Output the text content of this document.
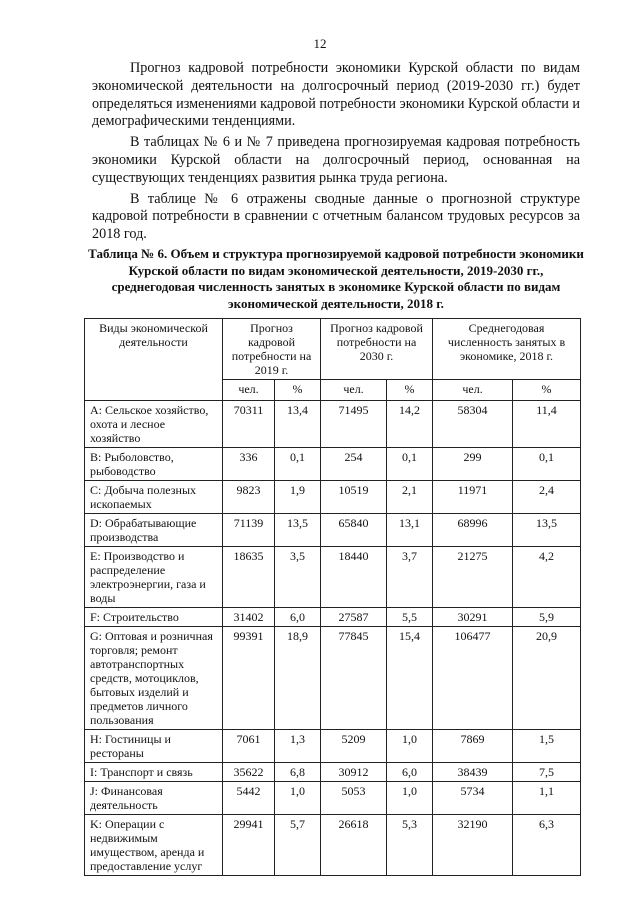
12

Прогноз кадровой потребности экономики Курской области по видам экономической деятельности на долгосрочный период (2019-2030 гг.) будет определяться изменениями кадровой потребности экономики Курской области и демографическими тенденциями.

В таблицах № 6 и № 7 приведена прогнозируемая кадровая потребность экономики Курской области на долгосрочный период, основанная на существующих тенденциях развития рынка труда региона.

В таблице № 6 отражены сводные данные о прогнозной структуре кадровой потребности в сравнении с отчетным балансом трудовых ресурсов за 2018 год.

Таблица № 6. Объем и структура прогнозируемой кадровой потребности экономики Курской области по видам экономической деятельности, 2019-2030 гг., среднегодовая численность занятых в экономике Курской области по видам экономической деятельности, 2018 г.
Виды экономической деятельности	Прогноз кадровой потребности на 2019 г.		Прогноз кадровой потребности на 2030 г.		Среднегодовая численность занятых в экономике, 2018 г.	
	чел.	%	чел.	%	чел.	%
A: Сельское хозяйство, охота и лесное хозяйство	70311	13,4	71495	14,2	58304	11,4
B: Рыболовство, рыбоводство	336	0,1	254	0,1	299	0,1
C: Добыча полезных ископаемых	9823	1,9	10519	2,1	11971	2,4
D: Обрабатывающие производства	71139	13,5	65840	13,1	68996	13,5
E: Производство и распределение электроэнергии, газа и воды	18635	3,5	18440	3,7	21275	4,2
F: Строительство	31402	6,0	27587	5,5	30291	5,9
G: Оптовая и розничная торговля; ремонт автотранспортных средств, мотоциклов, бытовых изделий и предметов личного пользования	99391	18,9	77845	15,4	106477	20,9
H: Гостиницы и рестораны	7061	1,3	5209	1,0	7869	1,5
I: Транспорт и связь	35622	6,8	30912	6,0	38439	7,5
J: Финансовая деятельность	5442	1,0	5053	1,0	5734	1,1
K: Операции с недвижимым имуществом, аренда и предоставление услуг	29941	5,7	26618	5,3	32190	6,3
